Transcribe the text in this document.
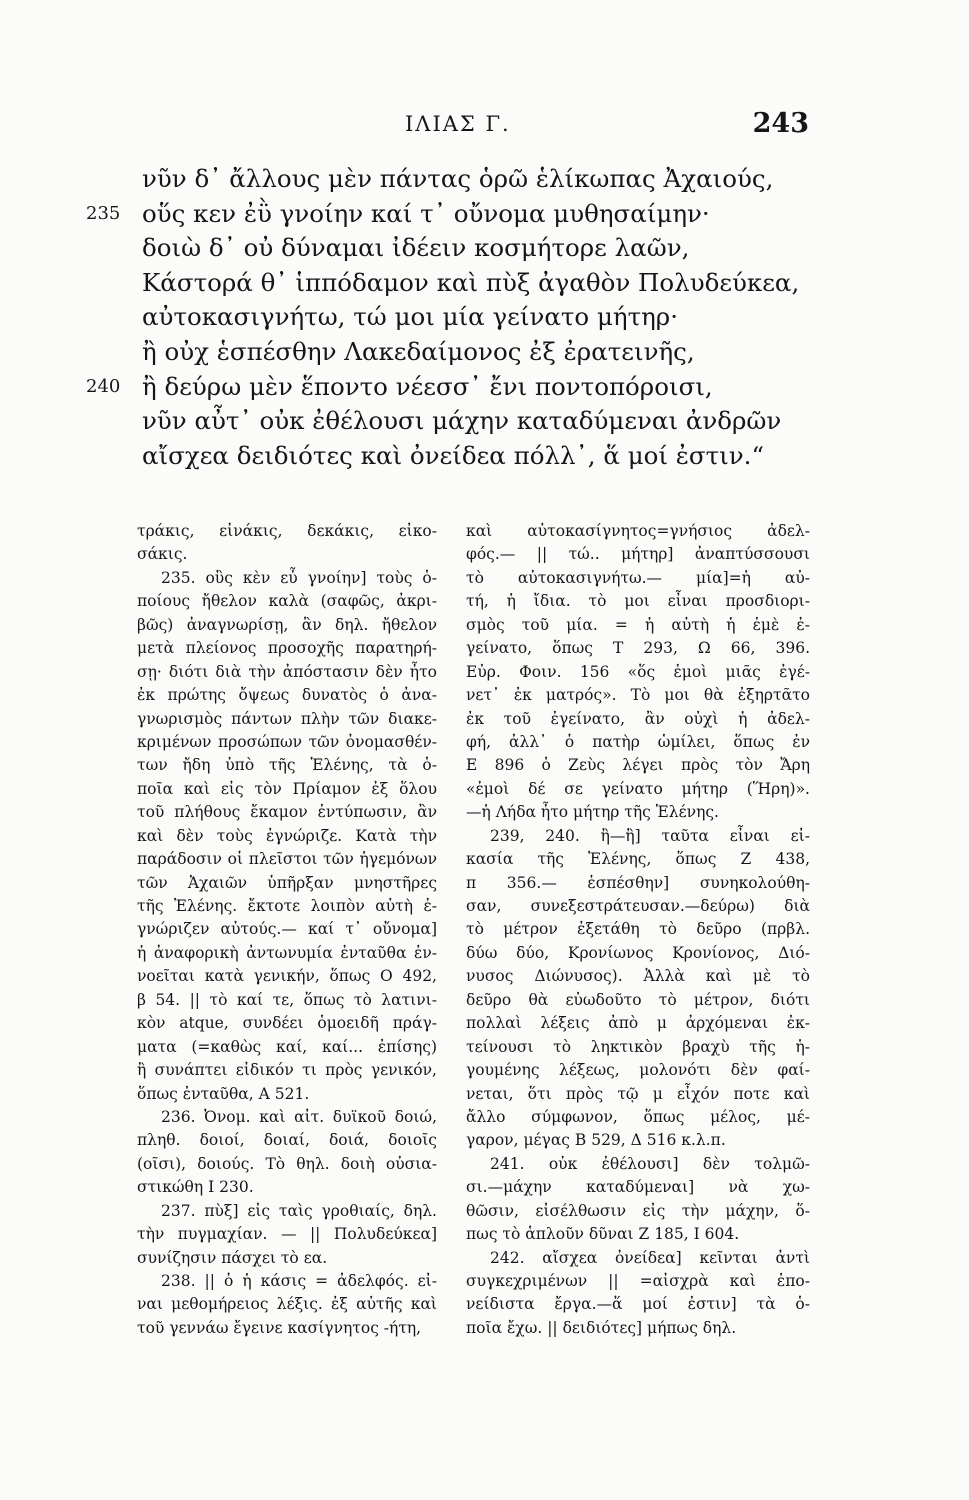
ΙΛΙΑΣ Γ.	243
νῦν δ᾽ ἄλλους μὲν πάντας ὁρῶ ἑλίκωπας Ἀχαιούς,
235 οὕς κεν ἐῢ γνοίην καί τ᾽ οὔνομα μυθησαίμην·
δοιὼ δ᾽ οὐ δύναμαι ἰδέειν κοσμήτορε λαῶν,
Κάστορά θ᾽ ἱππόδαμον καὶ πὺξ ἀγαθὸν Πολυδεύκεα,
αὐτοκασιγνήτω, τώ μοι μία γείνατο μήτηρ·
ἢ οὐχ ἑσπέσθην Λακεδαίμονος ἐξ ἐρατεινῆς,
240 ἢ δεύρω μὲν ἕποντο νέεσσ᾽ ἔνι ποντοπόροισι,
νῦν αὖτ᾽ οὐκ ἐθέλουσι μάχην καταδύμεναι ἀνδρῶν
αἴσχεα δειδιότες καὶ ὀνείδεα πόλλ᾽, ἅ μοί ἐστιν.“
τράκις, εἰνάκις, δεκάκις, εἰκο-
σάκις.
235. οὓς κὲν εὖ γνοίην] τοὺς ὁ-
ποίους ἤθελον καλὰ (σαφῶς, ἀκρι-
βῶς) ἀναγνωρίσῃ, ἂν δηλ. ἤθελον
μετὰ πλείονος προσοχῆς παρατηρή-
σῃ· διότι διὰ τὴν ἀπόστασιν δὲν ἦτο
ἐκ πρώτης ὄψεως δυνατὸς ὁ ἀνα-
γνωρισμὸς πάντων πλὴν τῶν διακε-
κριμένων προσώπων τῶν ὀνομασθέν-
των ἤδη ὑπὸ τῆς Ἑλένης, τὰ ὁ-
ποῖα καὶ εἰς τὸν Πρίαμον ἐξ ὅλου
τοῦ πλήθους ἔκαμον ἐντύπωσιν, ἂν
καὶ δὲν τοὺς ἐγνώριζε. Κατὰ τὴν
παράδοσιν οἱ πλεῖστοι τῶν ἡγεμόνων
τῶν Ἀχαιῶν ὑπῆρξαν μνηστῆρες
τῆς Ἑλένης. ἔκτοτε λοιπὸν αὐτὴ ἐ-
γνώριζεν αὐτούς.— καί τ᾽ οὔνομα]
ἡ ἀναφορικὴ ἀντωνυμία ἐνταῦθα ἐν-
νοεῖται κατὰ γενικήν, ὅπως Ο 492,
β 54. || τὸ καί τε, ὅπως τὸ λατινι-
κὸν atque, συνδέει ὁμοειδῆ πράγ-
ματα (=καθὼς καί, καί... ἐπίσης)
ἢ συνάπτει εἰδικόν τι πρὸς γενικόν,
ὅπως ἐνταῦθα, Α 521.
236. Ὀνομ. καὶ αἰτ. δυϊκοῦ δοιώ,
πληθ. δοιοί, δοιαί, δοιά, δοιοῖς
(οῖσι), δοιούς. Τὸ θηλ. δοιὴ οὐσια-
στικώθη Ι 230.
237. πὺξ] εἰς ταὶς γροθιαίς, δηλ.
τὴν πυγμαχίαν. — || Πολυδεύκεα]
συνίζησιν πάσχει τὸ εα.
238. || ὁ ἡ κάσις = ἀδελφός. εἰ-
ναι μεθομήρειος λέξις. ἐξ αὐτῆς καὶ
τοῦ γεννάω ἔγεινε κασίγνητος -ήτη,
καὶ αὐτοκασίγνητος=γνήσιος ἀδελ-
φός.— || τώ.. μήτηρ] ἀναπτύσσουσι
τὸ αὐτοκασιγνήτω.— μία]=ἡ αὐ-
τή, ἡ ἴδια. τὸ μοι εἶναι προσδιορι-
σμὸς τοῦ μία. = ἡ αὐτὴ ἡ ἐμὲ ἐ-
γείνατο, ὅπως Τ 293, Ω 66, 396.
Εὐρ. Φοιν. 156 «ὅς ἐμοὶ μιᾶς ἐγέ-
νετ᾽ ἐκ ματρός». Τὸ μοι θὰ ἐξηρτᾶτο
ἐκ τοῦ ἐγείνατο, ἂν οὐχὶ ἡ ἀδελ-
φή, ἀλλ᾽ ὁ πατὴρ ὡμίλει, ὅπως ἐν
Ε 896 ὁ Ζεὺς λέγει πρὸς τὸν Ἄρη
«ἐμοὶ δέ σε γείνατο μήτηρ (Ἥρη)».
—ἡ Λήδα ἦτο μήτηρ τῆς Ἑλένης.
239, 240. ἢ—ἢ] ταῦτα εἶναι εἰ-
κασία τῆς Ἑλένης, ὅπως Ζ 438,
π 356.— ἑσπέσθην] συνηκολούθη-
σαν, συνεξεστράτευσαν.—δεύρω) διὰ
τὸ μέτρον ἐξετάθη τὸ δεῦρο (πρβλ.
δύω δύο, Κρονίωνος Κρονίονος, Διό-
νυσος Διώνυσος). Ἀλλὰ καὶ μὲ τὸ
δεῦρο θὰ εὐωδοῦτο τὸ μέτρον, διότι
πολλαὶ λέξεις ἀπὸ μ ἀρχόμεναι ἐκ-
τείνουσι τὸ ληκτικὸν βραχὺ τῆς ἡ-
γουμένης λέξεως, μολονότι δὲν φαί-
νεται, ὅτι πρὸς τῷ μ εἶχόν ποτε καὶ
ἄλλο σύμφωνον, ὅπως μέλος, μέ-
γαρον, μέγας Β 529, Δ 516 κ.λ.π.
241. οὐκ ἐθέλουσι] δὲν τολμῶ-
σι.—μάχην καταδύμεναι] νὰ χω-
θῶσιν, εἰσέλθωσιν εἰς τὴν μάχην, ὅ-
πως τὸ ἁπλοῦν δῦναι Ζ 185, Ι 604.
242. αἴσχεα ὀνείδεα] κεῖνται ἀντὶ
συγκεχριμένων || =αἰσχρὰ καὶ ἐπο-
νείδιστα ἔργα.—ἅ μοί ἐστιν] τὰ ὁ-
ποῖα ἔχω. || δειδιότες] μήπως δηλ.
